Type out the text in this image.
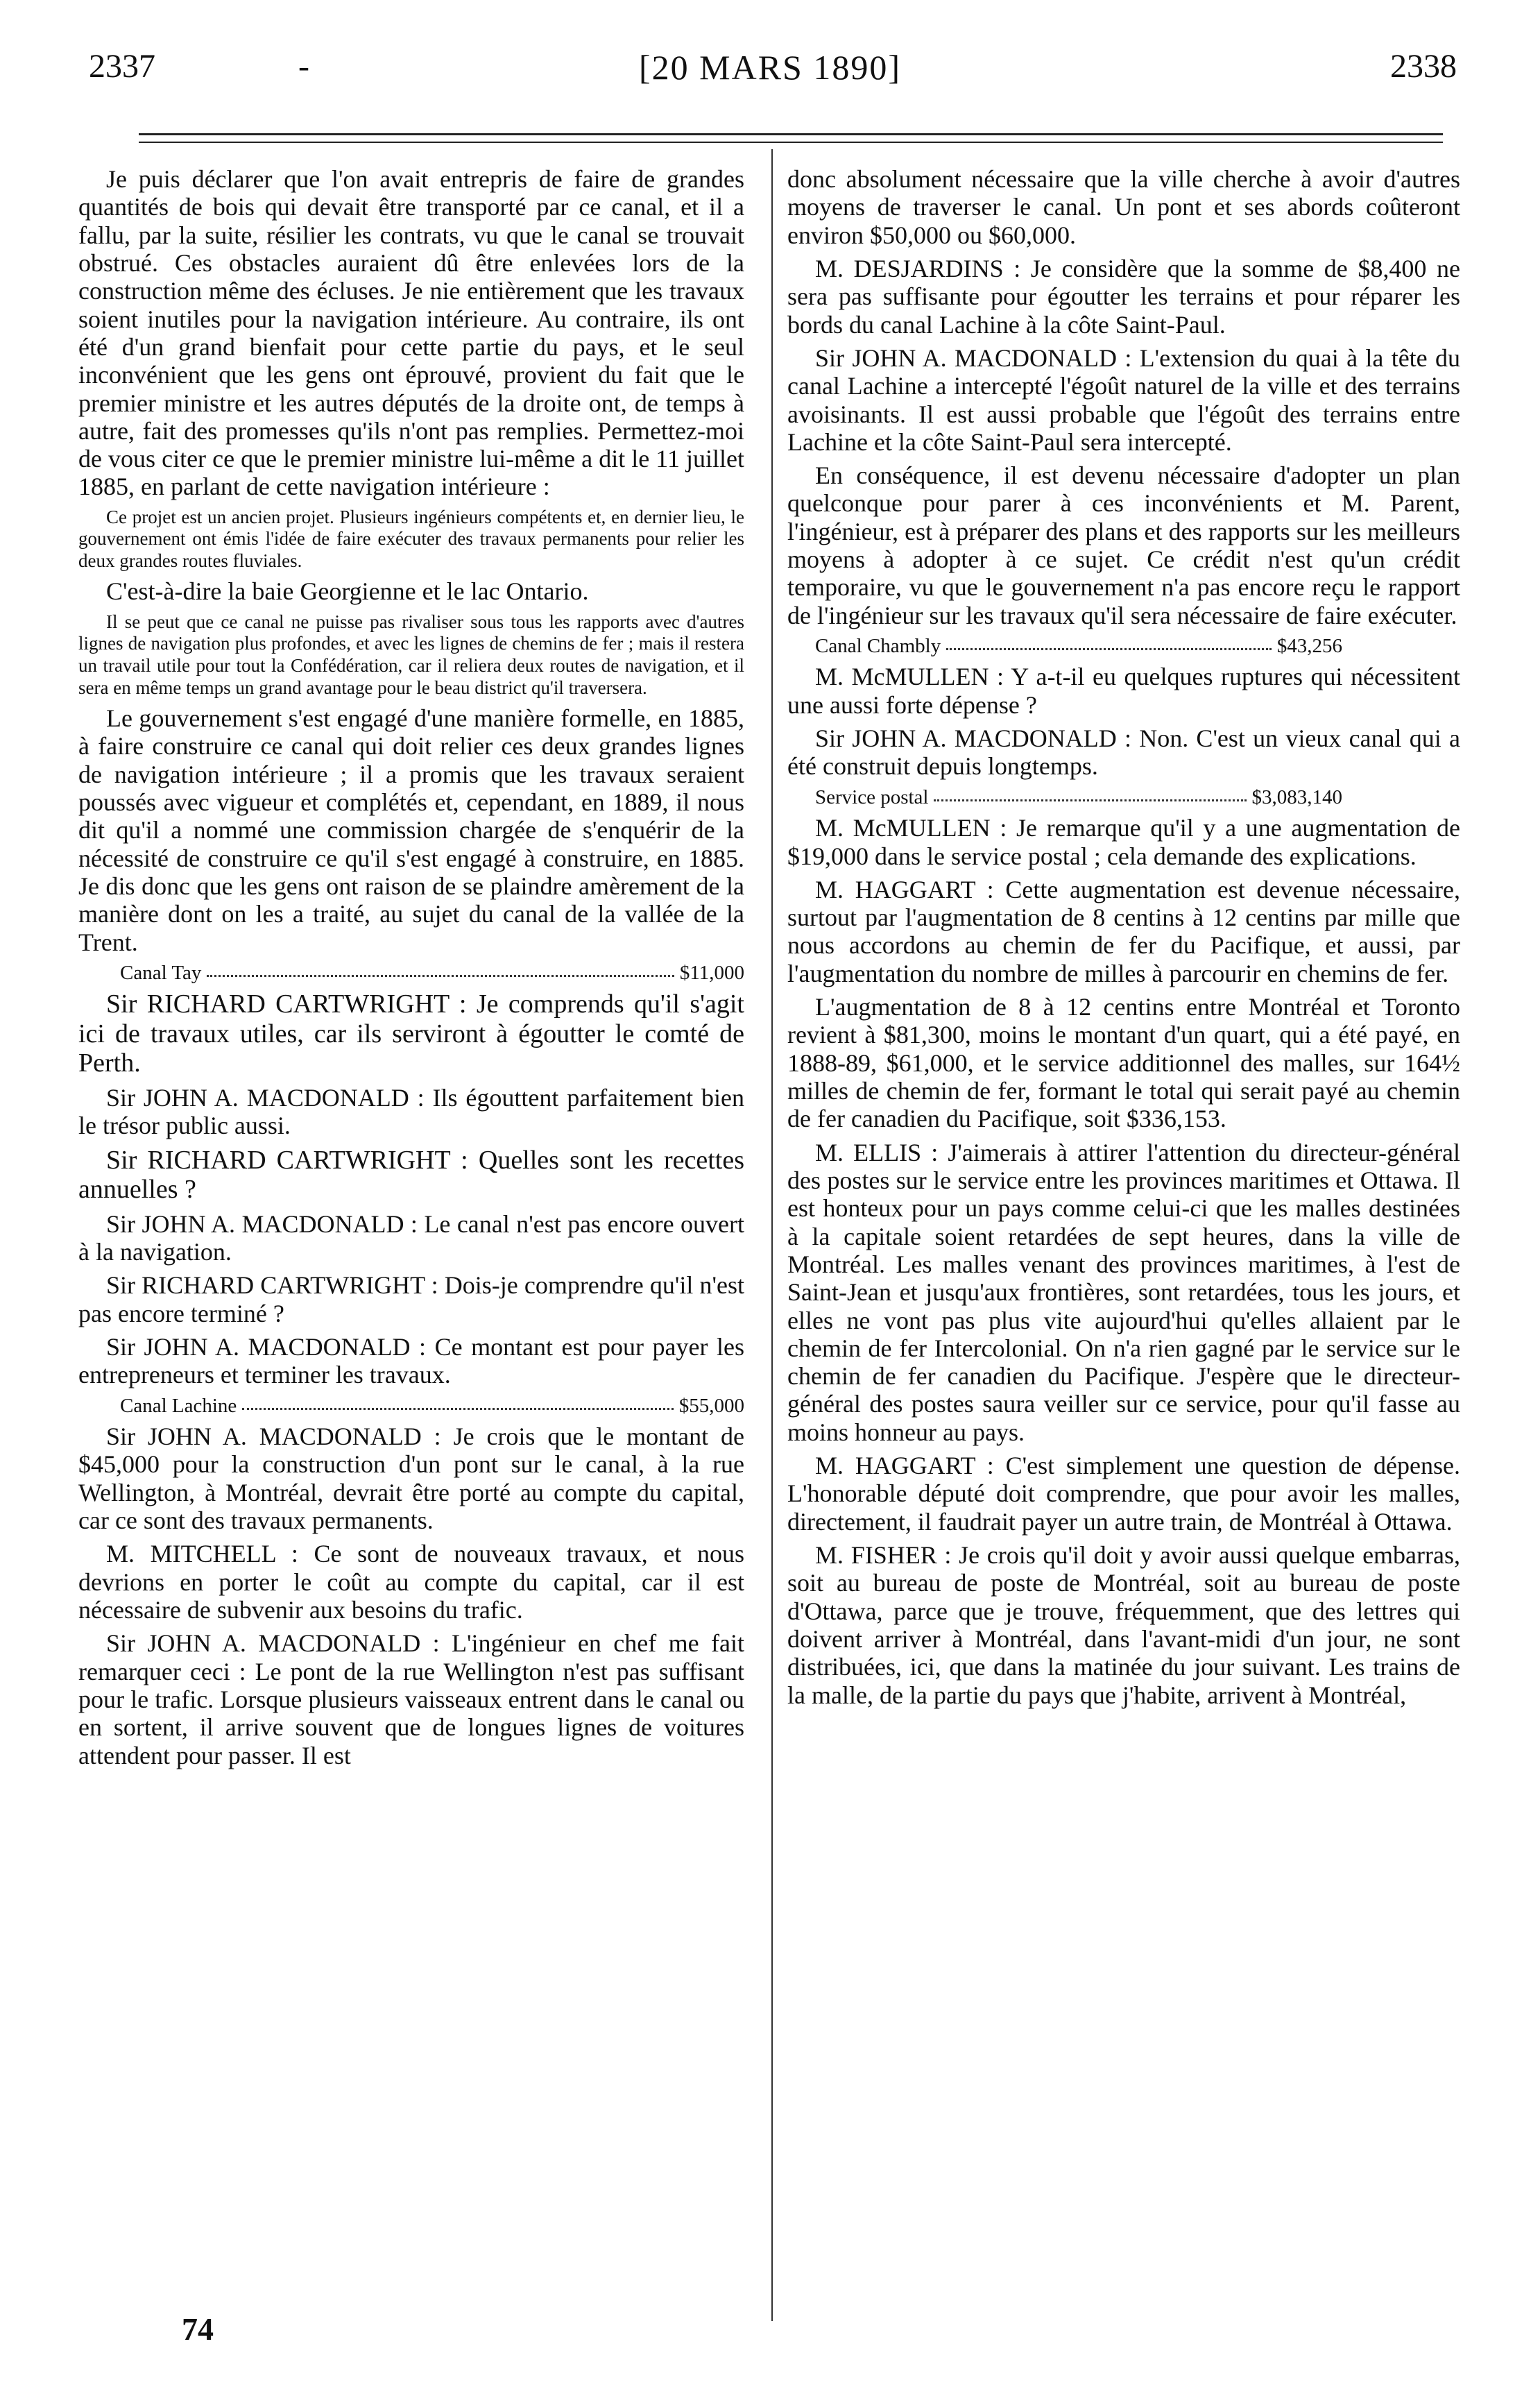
2337	-	[20 MARS 1890]	2338

Je puis déclarer que l'on avait entrepris de faire de grandes quantités de bois qui devait être transporté par ce canal, et il a fallu, par la suite, résilier les contrats, vu que le canal se trouvait obstrué. Ces obstacles auraient dû être enlevées lors de la construction même des écluses. Je nie entièrement que les travaux soient inutiles pour la navigation intérieure. Au contraire, ils ont été d'un grand bienfait pour cette partie du pays, et le seul inconvénient que les gens ont éprouvé, provient du fait que le premier ministre et les autres députés de la droite ont, de temps à autre, fait des promesses qu'ils n'ont pas remplies. Permettez-moi de vous citer ce que le premier ministre lui-même a dit le 11 juillet 1885, en parlant de cette navigation intérieure :

Ce projet est un ancien projet. Plusieurs ingénieurs compétents et, en dernier lieu, le gouvernement ont émis l'idée de faire exécuter des travaux permanents pour relier les deux grandes routes fluviales.

C'est-à-dire la baie Georgienne et le lac Ontario.

Il se peut que ce canal ne puisse pas rivaliser sous tous les rapports avec d'autres lignes de navigation plus profondes, et avec les lignes de chemins de fer ; mais il restera un travail utile pour tout la Confédération, car il reliera deux routes de navigation, et il sera en même temps un grand avantage pour le beau district qu'il traversera.

Le gouvernement s'est engagé d'une manière formelle, en 1885, à faire construire ce canal qui doit relier ces deux grandes lignes de navigation intérieure ; il a promis que les travaux seraient poussés avec vigueur et complétés et, cependant, en 1889, il nous dit qu'il a nommé une commission chargée de s'enquérir de la nécessité de construire ce qu'il s'est engagé à construire, en 1885. Je dis donc que les gens ont raison de se plaindre amèrement de la manière dont on les a traité, au sujet du canal de la vallée de la Trent.

Canal Tay	$11,000

Sir RICHARD CARTWRIGHT : Je comprends qu'il s'agit ici de travaux utiles, car ils serviront à égoutter le comté de Perth.

Sir JOHN A. MACDONALD : Ils égouttent parfaitement bien le trésor public aussi.

Sir RICHARD CARTWRIGHT : Quelles sont les recettes annuelles ?

Sir JOHN A. MACDONALD : Le canal n'est pas encore ouvert à la navigation.

Sir RICHARD CARTWRIGHT : Dois-je comprendre qu'il n'est pas encore terminé ?

Sir JOHN A. MACDONALD : Ce montant est pour payer les entrepreneurs et terminer les travaux.

Canal Lachine	$55,000

Sir JOHN A. MACDONALD : Je crois que le montant de $45,000 pour la construction d'un pont sur le canal, à la rue Wellington, à Montréal, devrait être porté au compte du capital, car ce sont des travaux permanents.

M. MITCHELL : Ce sont de nouveaux travaux, et nous devrions en porter le coût au compte du capital, car il est nécessaire de subvenir aux besoins du trafic.

Sir JOHN A. MACDONALD : L'ingénieur en chef me fait remarquer ceci : Le pont de la rue Wellington n'est pas suffisant pour le trafic. Lorsque plusieurs vaisseaux entrent dans le canal ou en sortent, il arrive souvent que de longues lignes de voitures attendent pour passer. Il est

donc absolument nécessaire que la ville cherche à avoir d'autres moyens de traverser le canal. Un pont et ses abords coûteront environ $50,000 ou $60,000.

M. DESJARDINS : Je considère que la somme de $8,400 ne sera pas suffisante pour égoutter les terrains et pour réparer les bords du canal Lachine à la côte Saint-Paul.

Sir JOHN A. MACDONALD : L'extension du quai à la tête du canal Lachine a intercepté l'égoût naturel de la ville et des terrains avoisinants. Il est aussi probable que l'égoût des terrains entre Lachine et la côte Saint-Paul sera intercepté.

En conséquence, il est devenu nécessaire d'adopter un plan quelconque pour parer à ces inconvénients et M. Parent, l'ingénieur, est à préparer des plans et des rapports sur les meilleurs moyens à adopter à ce sujet. Ce crédit n'est qu'un crédit temporaire, vu que le gouvernement n'a pas encore reçu le rapport de l'ingénieur sur les travaux qu'il sera nécessaire de faire exécuter.

Canal Chambly	$43,256

M. McMULLEN : Y a-t-il eu quelques ruptures qui nécessitent une aussi forte dépense ?

Sir JOHN A. MACDONALD : Non. C'est un vieux canal qui a été construit depuis longtemps.

Service postal	$3,083,140

M. McMULLEN : Je remarque qu'il y a une augmentation de $19,000 dans le service postal ; cela demande des explications.

M. HAGGART : Cette augmentation est devenue nécessaire, surtout par l'augmentation de 8 centins à 12 centins par mille que nous accordons au chemin de fer du Pacifique, et aussi, par l'augmentation du nombre de milles à parcourir en chemins de fer.

L'augmentation de 8 à 12 centins entre Montréal et Toronto revient à $81,300, moins le montant d'un quart, qui a été payé, en 1888-89, $61,000, et le service additionnel des malles, sur 164½ milles de chemin de fer, formant le total qui serait payé au chemin de fer canadien du Pacifique, soit $336,153.

M. ELLIS : J'aimerais à attirer l'attention du directeur-général des postes sur le service entre les provinces maritimes et Ottawa. Il est honteux pour un pays comme celui-ci que les malles destinées à la capitale soient retardées de sept heures, dans la ville de Montréal. Les malles venant des provinces maritimes, à l'est de Saint-Jean et jusqu'aux frontières, sont retardées, tous les jours, et elles ne vont pas plus vite aujourd'hui qu'elles allaient par le chemin de fer Intercolonial. On n'a rien gagné par le service sur le chemin de fer canadien du Pacifique. J'espère que le directeur-général des postes saura veiller sur ce service, pour qu'il fasse au moins honneur au pays.

M. HAGGART : C'est simplement une question de dépense. L'honorable député doit comprendre, que pour avoir les malles, directement, il faudrait payer un autre train, de Montréal à Ottawa.

M. FISHER : Je crois qu'il doit y avoir aussi quelque embarras, soit au bureau de poste de Montréal, soit au bureau de poste d'Ottawa, parce que je trouve, fréquemment, que des lettres qui doivent arriver à Montréal, dans l'avant-midi d'un jour, ne sont distribuées, ici, que dans la matinée du jour suivant. Les trains de la malle, de la partie du pays que j'habite, arrivent à Montréal,

74
